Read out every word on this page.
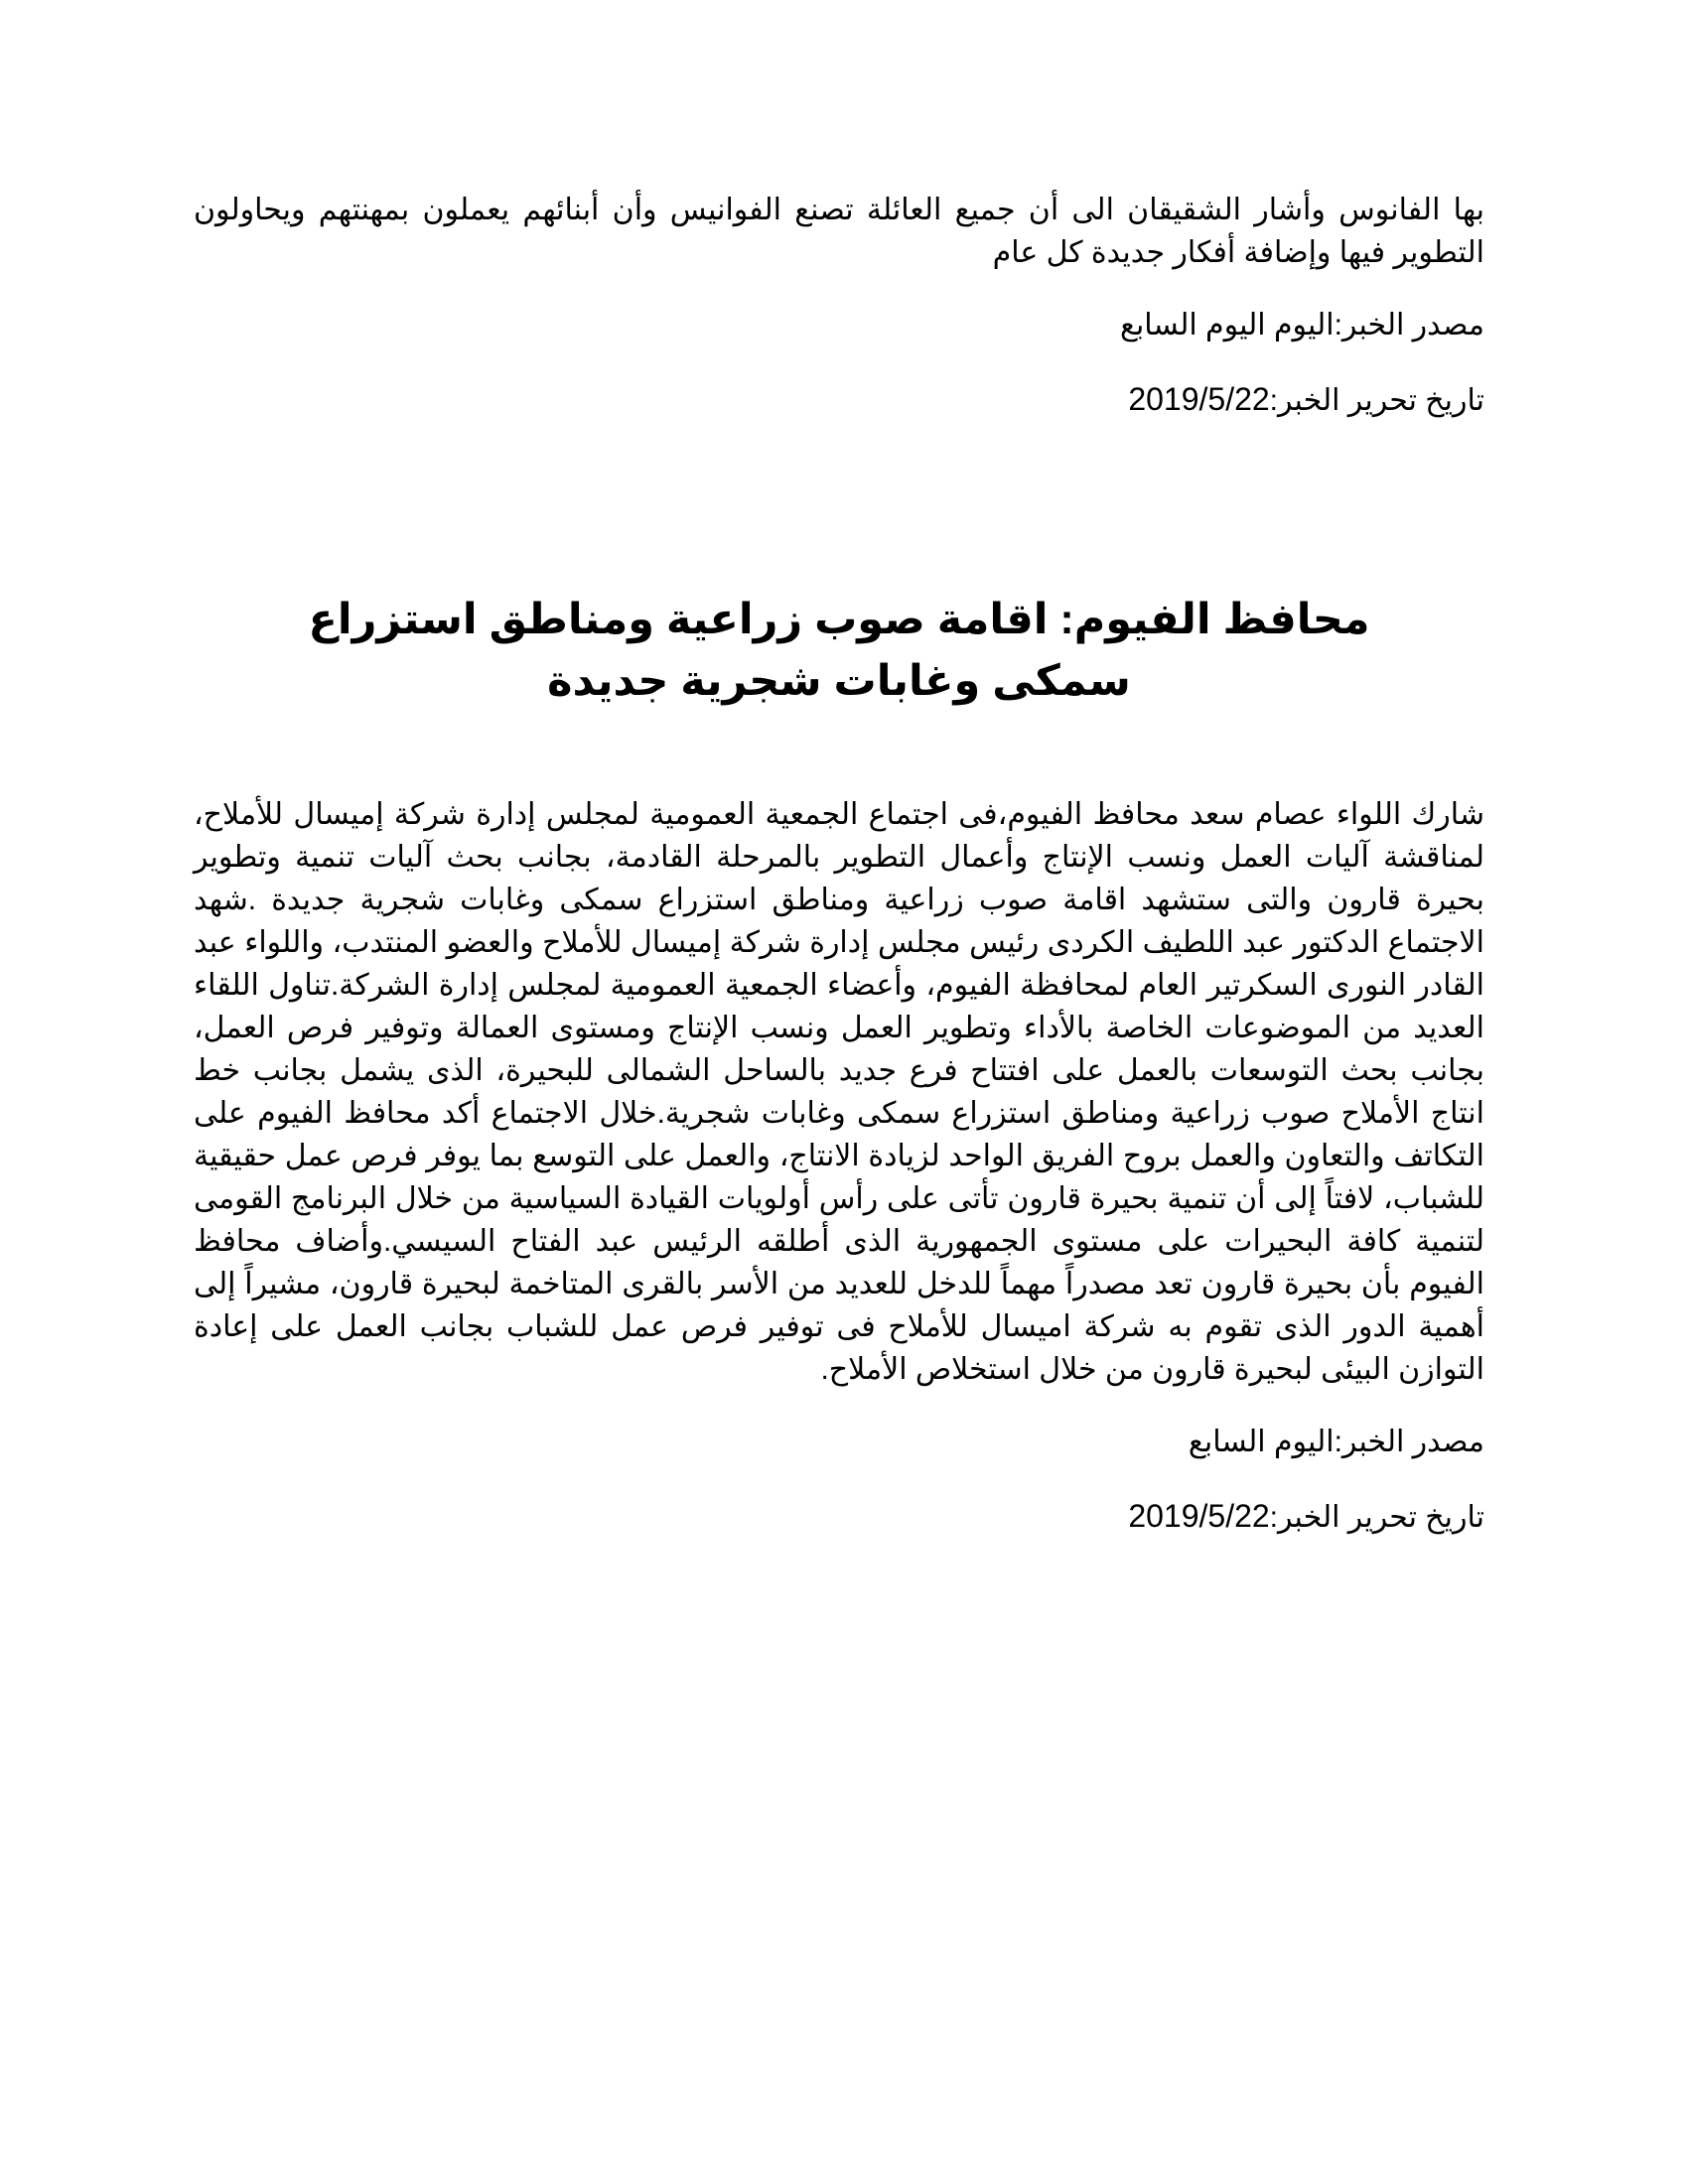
بها الفانوس وأشار الشقيقان الى أن جميع العائلة تصنع الفوانيس وأن أبنائهم يعملون بمهنتهم ويحاولون التطوير فيها وإضافة أفكار جديدة كل عام

مصدر الخبر:اليوم اليوم السابع

تاريخ تحرير الخبر:2019/5/22

محافظ الفيوم: اقامة صوب زراعية ومناطق استزراع سمكى وغابات شجرية جديدة

شارك اللواء عصام سعد محافظ الفيوم،فى اجتماع الجمعية العمومية لمجلس إدارة شركة إميسال للأملاح، لمناقشة آليات العمل ونسب الإنتاج وأعمال التطوير بالمرحلة القادمة، بجانب بحث آليات تنمية وتطوير بحيرة قارون والتى ستشهد اقامة صوب زراعية ومناطق استزراع سمكى وغابات شجرية جديدة .شهد الاجتماع الدكتور عبد اللطيف الكردى رئيس مجلس إدارة شركة إميسال للأملاح والعضو المنتدب، واللواء عبد القادر النورى السكرتير العام لمحافظة الفيوم، وأعضاء الجمعية العمومية لمجلس إدارة الشركة.تناول اللقاء العديد من الموضوعات الخاصة بالأداء وتطوير العمل ونسب الإنتاج ومستوى العمالة وتوفير فرص العمل، بجانب بحث التوسعات بالعمل على افتتاح فرع جديد بالساحل الشمالى للبحيرة، الذى يشمل بجانب خط انتاج الأملاح صوب زراعية ومناطق استزراع سمكى وغابات شجرية.خلال الاجتماع أكد محافظ الفيوم على التكاتف والتعاون والعمل بروح الفريق الواحد لزيادة الانتاج، والعمل على التوسع بما يوفر فرص عمل حقيقية للشباب، لافتاً إلى أن تنمية بحيرة قارون تأتى على رأس أولويات القيادة السياسية من خلال البرنامج القومى لتنمية كافة البحيرات على مستوى الجمهورية الذى أطلقه الرئيس عبد الفتاح السيسي.وأضاف محافظ الفيوم بأن بحيرة قارون تعد مصدراً مهماً للدخل للعديد من الأسر بالقرى المتاخمة لبحيرة قارون، مشيراً إلى أهمية الدور الذى تقوم به شركة اميسال للأملاح فى توفير فرص عمل للشباب بجانب العمل على إعادة التوازن البيئى لبحيرة قارون من خلال استخلاص الأملاح.

مصدر الخبر:اليوم السابع

تاريخ تحرير الخبر:2019/5/22
